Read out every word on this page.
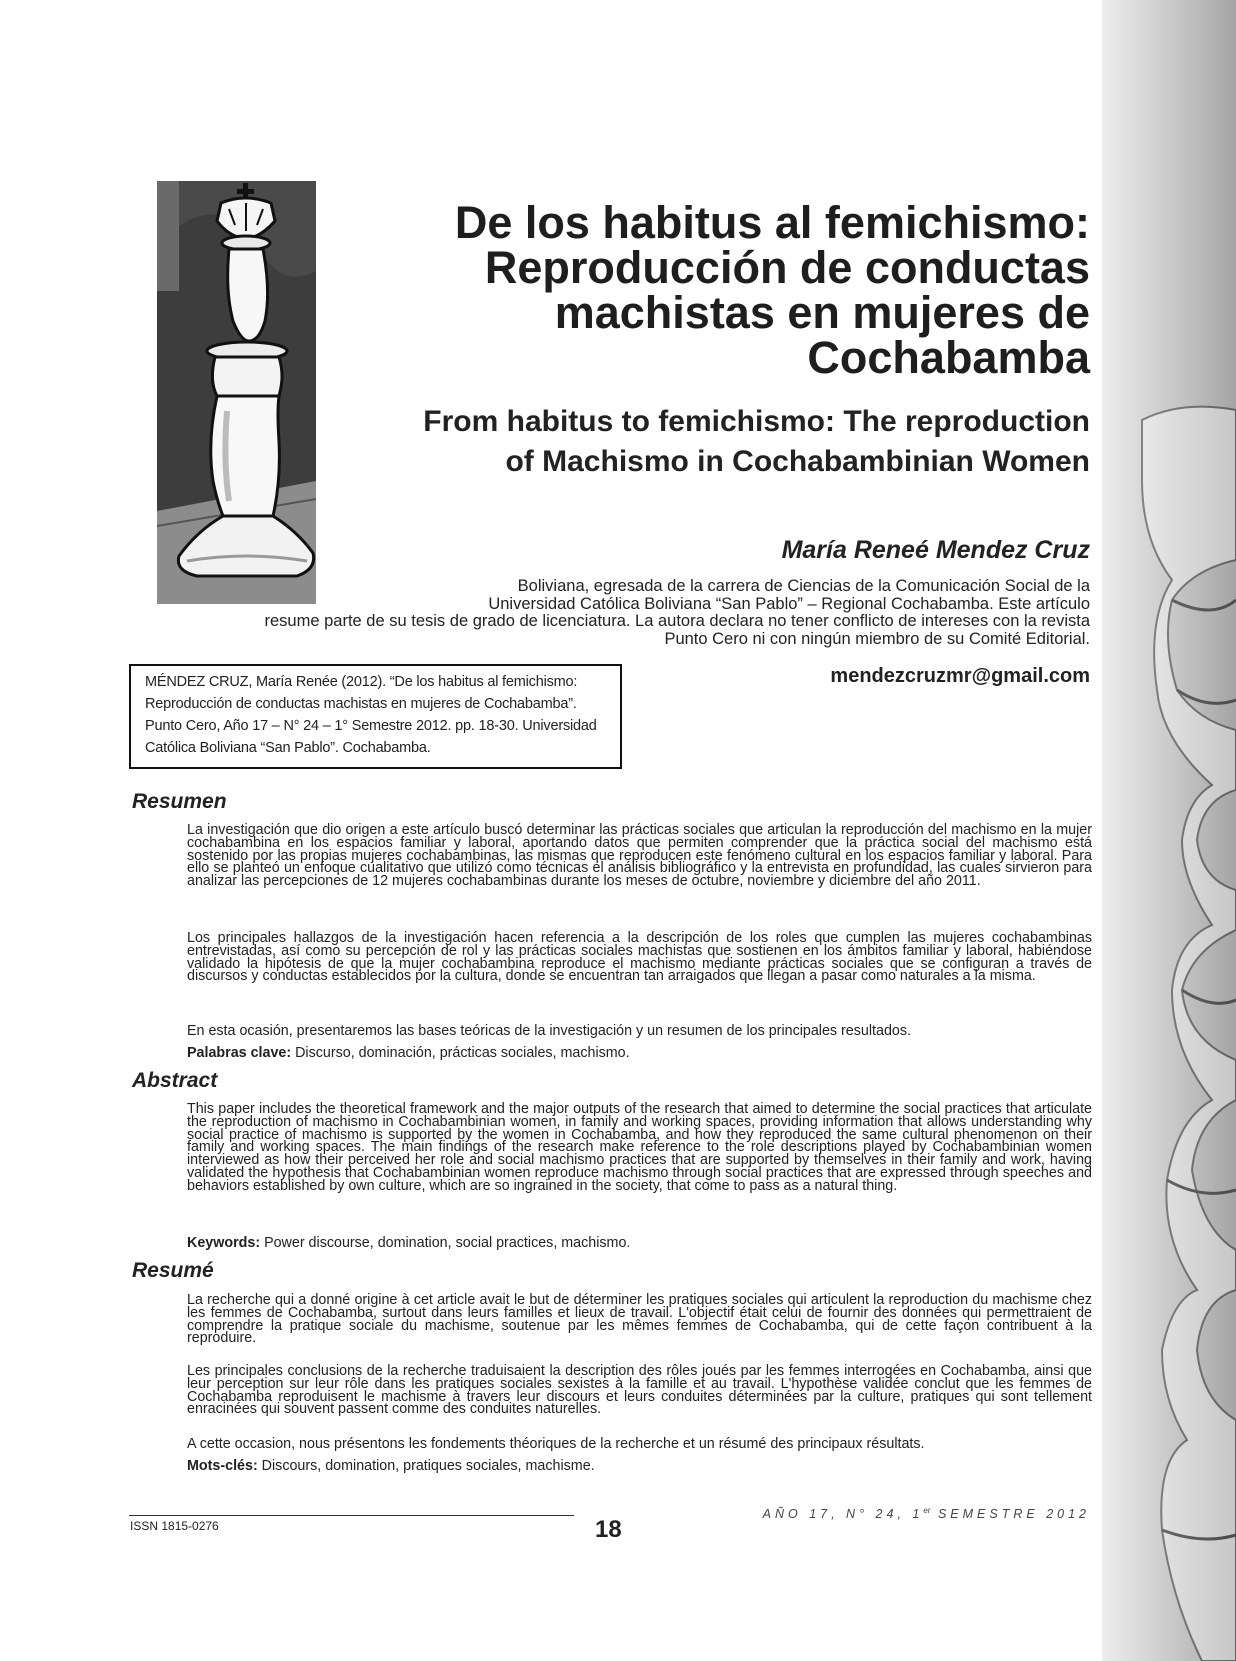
De los habitus al femichismo:
Reproducción de conductas
machistas en mujeres de
Cochabamba
From habitus to femichismo: The reproduction
of Machismo in Cochabambinian Women
María Reneé Mendez Cruz
Boliviana, egresada de la carrera de Ciencias de la Comunicación Social de la
Universidad Católica Boliviana “San Pablo” – Regional Cochabamba. Este artículo
resume parte de su tesis de grado de licenciatura. La autora declara no tener conflicto de intereses con la revista
Punto Cero ni con ningún miembro de su Comité Editorial.
mendezcruzmr@gmail.com
MÉNDEZ CRUZ, María Renée (2012). “De los habitus al femichismo: Reproducción de conductas machistas en mujeres de Cochabamba”. Punto Cero, Año 17 – N° 24 – 1° Semestre 2012. pp. 18-30. Universidad Católica Boliviana “San Pablo”. Cochabamba.
Resumen

La investigación que dio origen a este artículo buscó determinar las prácticas sociales que articulan la reproducción del machismo en la mujer cochabambina en los espacios familiar y laboral, aportando datos que permiten comprender que la práctica social del machismo está sostenido por las propias mujeres cochabambinas, las mismas que reproducen este fenómeno cultural en los espacios familiar y laboral. Para ello se planteó un enfoque cualitativo que utilizó como técnicas el análisis bibliográfico y la entrevista en profundidad, las cuales sirvieron para analizar las percepciones de 12 mujeres cochabambinas durante los meses de octubre, noviembre y diciembre del año 2011.

Los principales hallazgos de la investigación hacen referencia a la descripción de los roles que cumplen las mujeres cochabambinas entrevistadas, así como su percepción de rol y las prácticas sociales machistas que sostienen en los ámbitos familiar y laboral, habiéndose validado la hipótesis de que la mujer cochabambina reproduce el machismo mediante prácticas sociales que se configuran a través de discursos y conductas establecidos por la cultura, donde se encuentran tan arraigados que llegan a pasar como naturales a la misma.

En esta ocasión, presentaremos las bases teóricas de la investigación y un resumen de los principales resultados.

Palabras clave: Discurso, dominación, prácticas sociales, machismo.
Abstract

This paper includes the theoretical framework and the major outputs of the research that aimed to determine the social practices that articulate the reproduction of machismo in Cochabambinian women, in family and working spaces, providing information that allows understanding why social practice of machismo is supported by the women in Cochabamba, and how they reproduced the same cultural phenomenon on their family and working spaces. The main findings of the research make reference to the role descriptions played by Cochabambinian women interviewed as how their perceived her role and social machismo practices that are supported by themselves in their family and work, having validated the hypothesis that Cochabambinian women reproduce machismo through social practices that are expressed through speeches and behaviors established by own culture, which are so ingrained in the society, that come to pass as a natural thing.

Keywords: Power discourse, domination, social practices, machismo.
Resumé

La recherche qui a donné origine à cet article avait le but de déterminer les pratiques sociales qui articulent la reproduction du machisme chez les femmes de Cochabamba, surtout dans leurs familles et lieux de travail. L'objectif était celui de fournir des données qui permettraient de comprendre la pratique sociale du machisme, soutenue par les mêmes femmes de Cochabamba, qui de cette façon contribuent à la reproduire.

Les principales conclusions de la recherche traduisaient la description des rôles joués par les femmes interrogées en Cochabamba, ainsi que leur perception sur leur rôle dans les pratiques sociales sexistes à la famille et au travail. L'hypothèse validée conclut que les femmes de Cochabamba reproduisent le machisme à travers leur discours et leurs conduites déterminées par la culture, pratiques qui sont tellement enracinées qui souvent passent comme des conduites naturelles.

A cette occasion, nous présentons les fondements théoriques de la recherche et un résumé des principaux résultats.

Mots-clés: Discours, domination, pratiques sociales, machisme.
ISSN 1815-0276	18
AÑO 17, N° 24, 1er SEMESTRE 2012
